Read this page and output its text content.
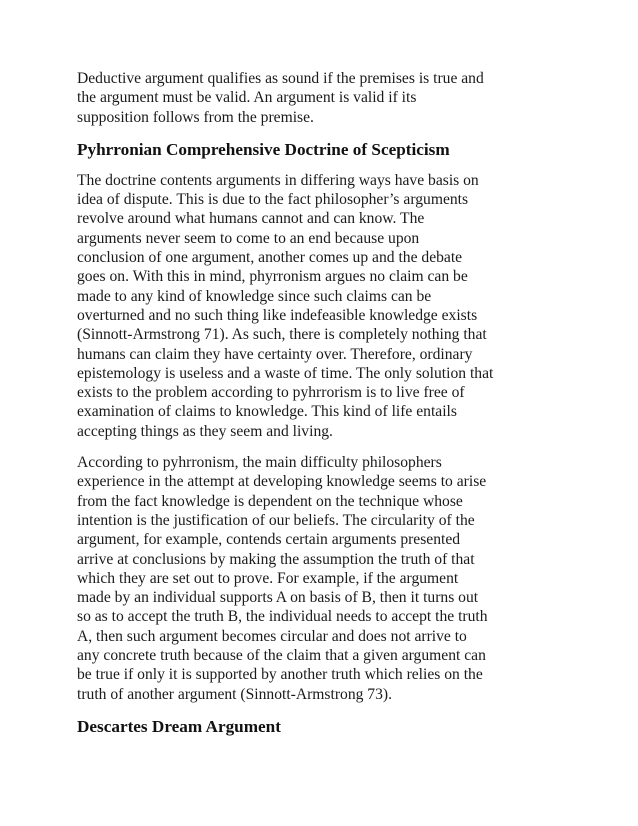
Deductive argument qualifies as sound if the premises is true and
the argument must be valid. An argument is valid if its
supposition follows from the premise.

Pyhrronian Comprehensive Doctrine of Scepticism

The doctrine contents arguments in differing ways have basis on
idea of dispute. This is due to the fact philosopher’s arguments
revolve around what humans cannot and can know. The
arguments never seem to come to an end because upon
conclusion of one argument, another comes up and the debate
goes on. With this in mind, phyrronism argues no claim can be
made to any kind of knowledge since such claims can be
overturned and no such thing like indefeasible knowledge exists
(Sinnott-Armstrong 71). As such, there is completely nothing that
humans can claim they have certainty over. Therefore, ordinary
epistemology is useless and a waste of time. The only solution that
exists to the problem according to pyhrrorism is to live free of
examination of claims to knowledge. This kind of life entails
accepting things as they seem and living.

According to pyhrronism, the main difficulty philosophers
experience in the attempt at developing knowledge seems to arise
from the fact knowledge is dependent on the technique whose
intention is the justification of our beliefs. The circularity of the
argument, for example, contends certain arguments presented
arrive at conclusions by making the assumption the truth of that
which they are set out to prove. For example, if the argument
made by an individual supports A on basis of B, then it turns out
so as to accept the truth B, the individual needs to accept the truth
A, then such argument becomes circular and does not arrive to
any concrete truth because of the claim that a given argument can
be true if only it is supported by another truth which relies on the
truth of another argument (Sinnott-Armstrong 73).

Descartes Dream Argument
